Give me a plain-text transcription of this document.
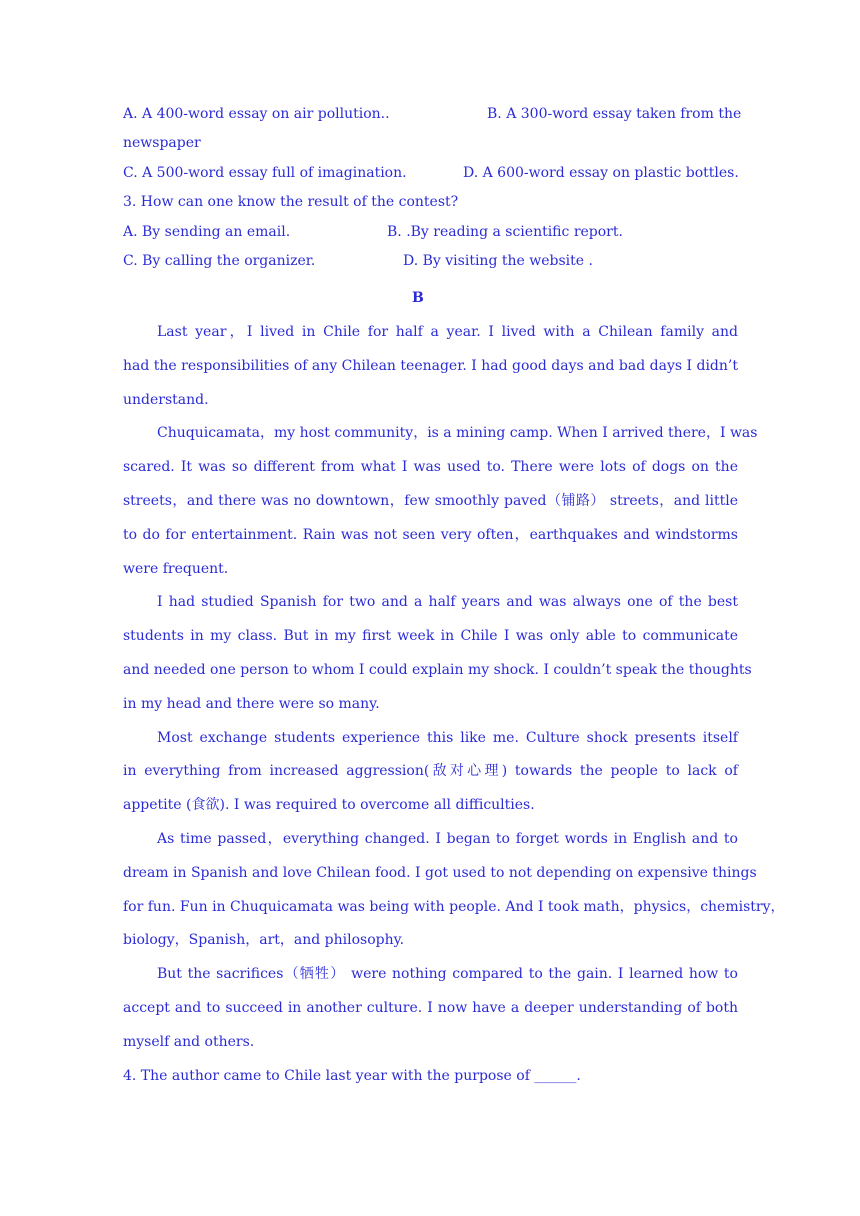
A. A 400-word essay on air pollution..	B. A 300-word essay taken from the
newspaper
C. A 500-word essay full of imagination.	D. A 600-word essay on plastic bottles.
3. How can one know the result of the contest?
A. By sending an email.	B. .By reading a scientific report.
C. By calling the organizer.	D. By visiting the website .
B
Last year，I lived in Chile for half a year. I lived with a Chilean family and
had the responsibilities of any Chilean teenager. I had good days and bad days I didn’t
understand.
Chuquicamata，my host community，is a mining camp. When I arrived there，I was
scared. It was so different from what I was used to. There were lots of dogs on the
streets，and there was no downtown，few smoothly paved（铺路） streets，and little
to do for entertainment. Rain was not seen very often，earthquakes and windstorms
were frequent.
I had studied Spanish for two and a half years and was always one of the best
students in my class. But in my first week in Chile I was only able to communicate
and needed one person to whom I could explain my shock. I couldn’t speak the thoughts
in my head and there were so many.
Most exchange students experience this like me. Culture shock presents itself
in everything from increased aggression(敌对心理) towards the people to lack of
appetite (食欲). I was required to overcome all difficulties.
As time passed，everything changed. I began to forget words in English and to
dream in Spanish and love Chilean food. I got used to not depending on expensive things
for fun. Fun in Chuquicamata was being with people. And I took math，physics，chemistry，
biology，Spanish，art，and philosophy.
But the sacrifices（牺牲） were nothing compared to the gain. I learned how to
accept and to succeed in another culture. I now have a deeper understanding of both
myself and others.
4. The author came to Chile last year with the purpose of ______.
